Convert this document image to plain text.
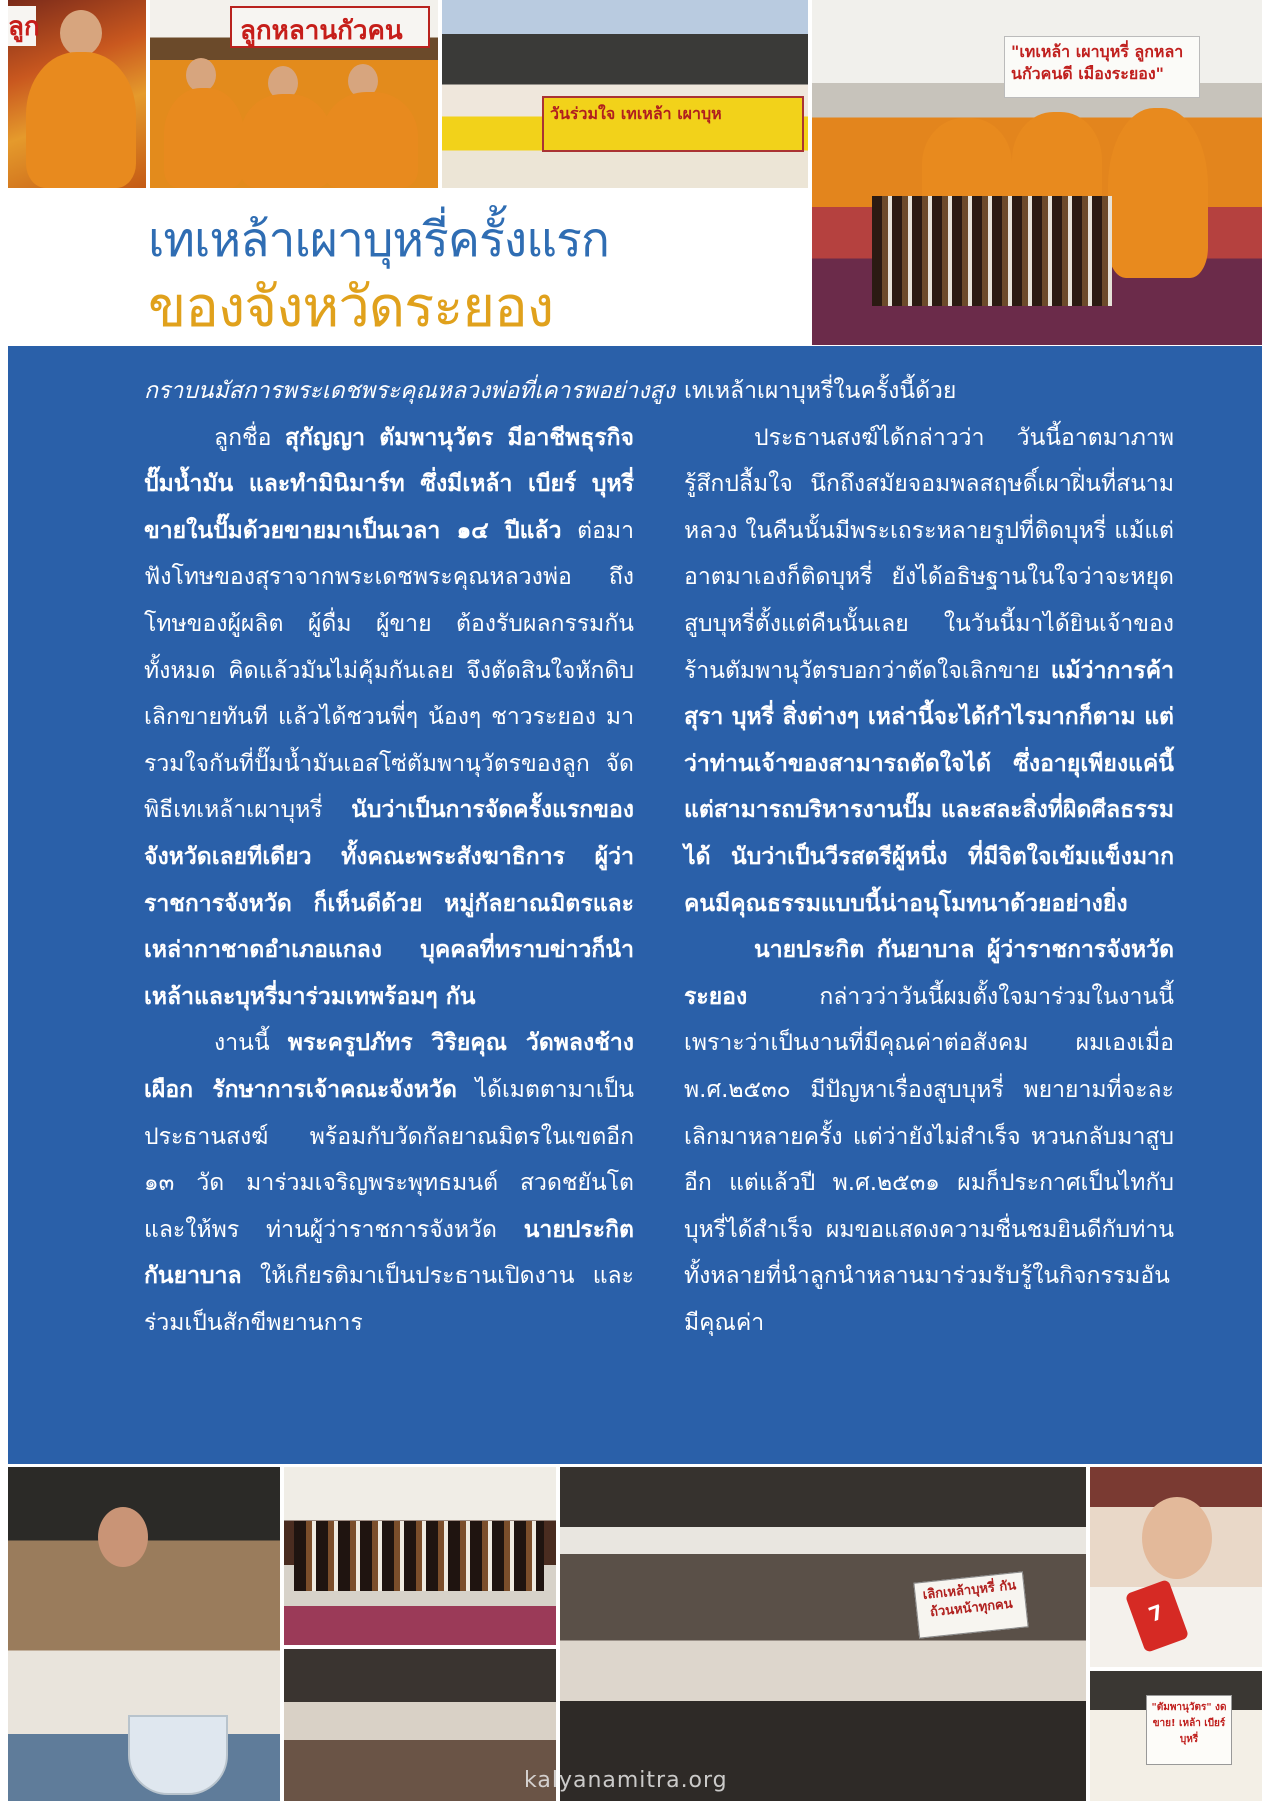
ลูก	ลูกหลานกัวคน
วันร่วมใจ เทเหล้า เผาบุห
"เทเหล้า เผาบุหรี่ ลูกหลานกัวคนดี เมืองระยอง"
เทเหล้าเผาบุหรี่ครั้งแรก
ของจังหวัดระยอง

กราบนมัสการพระเดชพระคุณหลวงพ่อที่เคารพอย่างสูง

ลูกชื่อ สุกัญญา ตัมพานุวัตร มีอาชีพธุรกิจปั๊มน้ำมัน และทำมินิมาร์ท ซึ่งมีเหล้า เบียร์ บุหรี่ขายในปั๊มด้วยขายมาเป็นเวลา ๑๔ ปีแล้ว ต่อมาฟังโทษของสุราจากพระเดชพระคุณหลวงพ่อ ถึงโทษของผู้ผลิต ผู้ดื่ม ผู้ขาย ต้องรับผลกรรมกันทั้งหมด คิดแล้วมันไม่คุ้มกันเลย จึงตัดสินใจหักดิบเลิกขายทันที แล้วได้ชวนพี่ๆ น้องๆ ชาวระยอง มารวมใจกันที่ปั๊มน้ำมันเอสโซ่ตัมพานุวัตรของลูก จัดพิธีเทเหล้าเผาบุหรี่ นับว่าเป็นการจัดครั้งแรกของจังหวัดเลยทีเดียว ทั้งคณะพระสังฆาธิการ ผู้ว่าราชการจังหวัด ก็เห็นดีด้วย หมู่กัลยาณมิตรและเหล่ากาชาดอำเภอแกลง บุคคลที่ทราบข่าวก็นำเหล้าและบุหรี่มาร่วมเทพร้อมๆ กัน

งานนี้ พระครูปภัทร วิริยคุณ วัดพลงช้างเผือก รักษาการเจ้าคณะจังหวัด ได้เมตตามาเป็นประธานสงฆ์ พร้อมกับวัดกัลยาณมิตรในเขตอีก ๑๓ วัด มาร่วมเจริญพระพุทธมนต์ สวดชยันโต และให้พร ท่านผู้ว่าราชการจังหวัด นายประกิต กันยาบาล ให้เกียรติมาเป็นประธานเปิดงาน และร่วมเป็นสักขีพยานการ

เทเหล้าเผาบุหรี่ในครั้งนี้ด้วย

ประธานสงฆ์ได้กล่าวว่า วันนี้อาตมาภาพรู้สึกปลื้มใจ นึกถึงสมัยจอมพลสฤษดิ์เผาฝิ่นที่สนามหลวง ในคืนนั้นมีพระเถระหลายรูปที่ติดบุหรี่ แม้แต่อาตมาเองก็ติดบุหรี่ ยังได้อธิษฐานในใจว่าจะหยุดสูบบุหรี่ตั้งแต่คืนนั้นเลย ในวันนี้มาได้ยินเจ้าของร้านตัมพานุวัตรบอกว่าตัดใจเลิกขาย แม้ว่าการค้าสุรา บุหรี่ สิ่งต่างๆ เหล่านี้จะได้กำไรมากก็ตาม แต่ว่าท่านเจ้าของสามารถตัดใจได้ ซึ่งอายุเพียงแค่นี้แต่สามารถบริหารงานปั๊ม และสละสิ่งที่ผิดศีลธรรมได้ นับว่าเป็นวีรสตรีผู้หนึ่ง ที่มีจิตใจเข้มแข็งมาก คนมีคุณธรรมแบบนี้น่าอนุโมทนาด้วยอย่างยิ่ง

นายประกิต กันยาบาล ผู้ว่าราชการจังหวัดระยอง	กล่าวว่าวันนี้ผมตั้งใจมาร่วมในงานนี้ เพราะว่าเป็นงานที่มีคุณค่าต่อสังคม ผมเองเมื่อ พ.ศ.๒๕๓๐ มีปัญหาเรื่องสูบบุหรี่ พยายามที่จะละ เลิกมาหลายครั้ง แต่ว่ายังไม่สำเร็จ หวนกลับมาสูบอีก แต่แล้วปี พ.ศ.๒๕๓๑ ผมก็ประกาศเป็นไทกับบุหรี่ได้สำเร็จ ผมขอแสดงความชื่นชมยินดีกับท่านทั้งหลายที่นำลูกนำหลานมาร่วมรับรู้ในกิจกรรมอันมีคุณค่า

เลิกเหล้าบุหรี่ กันถ้วนหน้าทุกคน	7
"ตัมพานุวัตร" งดขาย! เหล้า เบียร์ บุหรี่
kalyanamitra.org
